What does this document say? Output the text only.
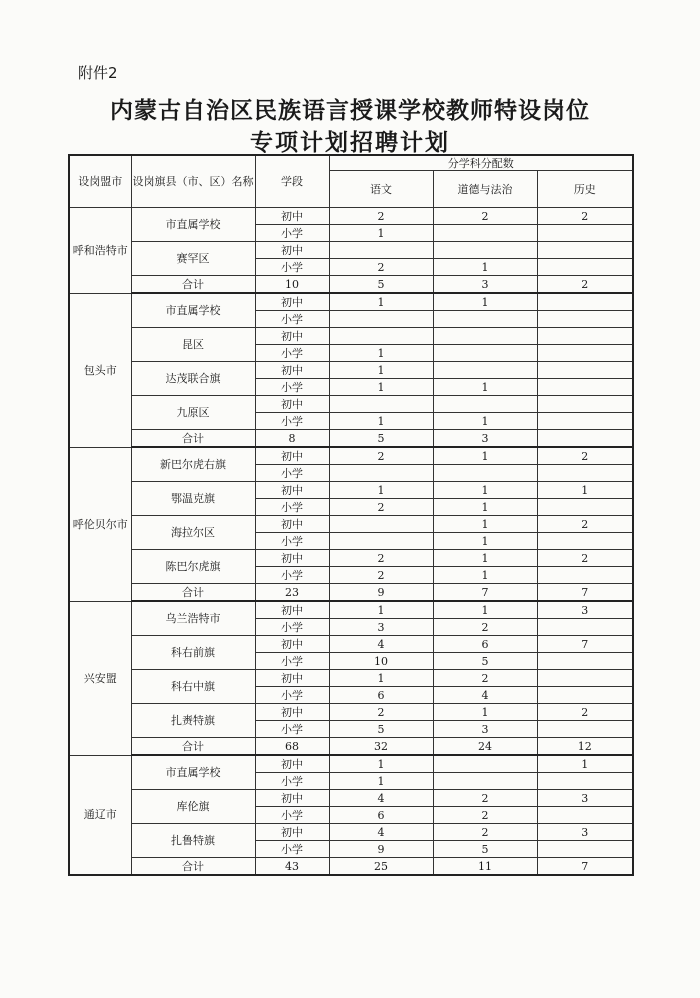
附件2
内蒙古自治区民族语言授课学校教师特设岗位
专项计划招聘计划
设岗盟市	设岗旗县（市、区）名称	学段	分学科分配数		
			语文	道德与法治	历史
呼和浩特市	市直属学校	初中	2	2	2
		小学	1		
	赛罕区	初中			
		小学	2	1	
	合计	10	5	3	2
包头市	市直属学校	初中	1	1	
		小学			
	昆区	初中			
		小学	1		
	达茂联合旗	初中	1		
		小学	1	1	
	九原区	初中			
		小学	1	1	
	合计	8	5	3	
呼伦贝尔市	新巴尔虎右旗	初中	2	1	2
		小学			
	鄂温克旗	初中	1	1	1
		小学	2	1	
	海拉尔区	初中		1	2
		小学		1	
	陈巴尔虎旗	初中	2	1	2
		小学	2	1	
	合计	23	9	7	7
兴安盟	乌兰浩特市	初中	1	1	3
		小学	3	2	
	科右前旗	初中	4	6	7
		小学	10	5	
	科右中旗	初中	1	2	
		小学	6	4	
	扎赉特旗	初中	2	1	2
		小学	5	3	
	合计	68	32	24	12
通辽市	市直属学校	初中	1		1
		小学	1		
	库伦旗	初中	4	2	3
		小学	6	2	
	扎鲁特旗	初中	4	2	3
		小学	9	5	
	合计	43	25	11	7
